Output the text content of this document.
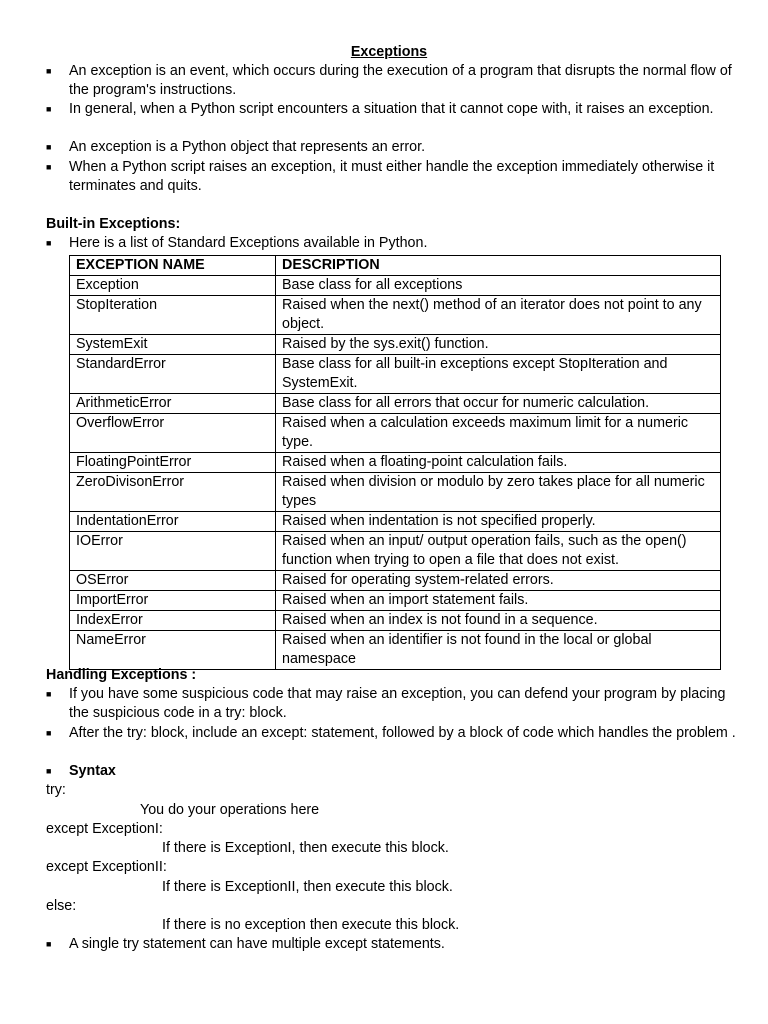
Exceptions
■ An exception is an event, which occurs during the execution of a program that disrupts the normal flow of the program's instructions.
■ In general, when a Python script encounters a situation that it cannot cope with, it raises an exception.
■ An exception is a Python object that represents an error.
■ When a Python script raises an exception, it must either handle the exception immediately otherwise it terminates and quits.
Built-in Exceptions:
■ Here is a list of Standard Exceptions available in Python.
EXCEPTION NAME	DESCRIPTION
Exception	Base class for all exceptions
StopIteration	Raised when the next() method of an iterator does not point to any object.
SystemExit	Raised by the sys.exit() function.
StandardError	Base class for all built-in exceptions except StopIteration and SystemExit.
ArithmeticError	Base class for all errors that occur for numeric calculation.
OverflowError	Raised when a calculation exceeds maximum limit for a numeric type.
FloatingPointError	Raised when a floating-point calculation fails.
ZeroDivisonError	Raised when division or modulo by zero takes place for all numeric types
IndentationError	Raised when indentation is not specified properly.
IOError	Raised when an input/ output operation fails, such as the open() function when trying to open a file that does not exist.
OSError	Raised for operating system-related errors.
ImportError	Raised when an import statement fails.
IndexError	Raised when an index is not found in a sequence.
NameError	Raised when an identifier is not found in the local or global namespace
Handling Exceptions :
■ If you have some suspicious code that may raise an exception, you can defend your program by placing the suspicious code in a try: block.
■ After the try: block, include an except: statement, followed by a block of code which handles the problem .
■ Syntax
try:
You do your operations here
except ExceptionI:
If there is ExceptionI, then execute this block.
except ExceptionII:
If there is ExceptionII, then execute this block.
else:
If there is no exception then execute this block.
■ A single try statement can have multiple except statements.
